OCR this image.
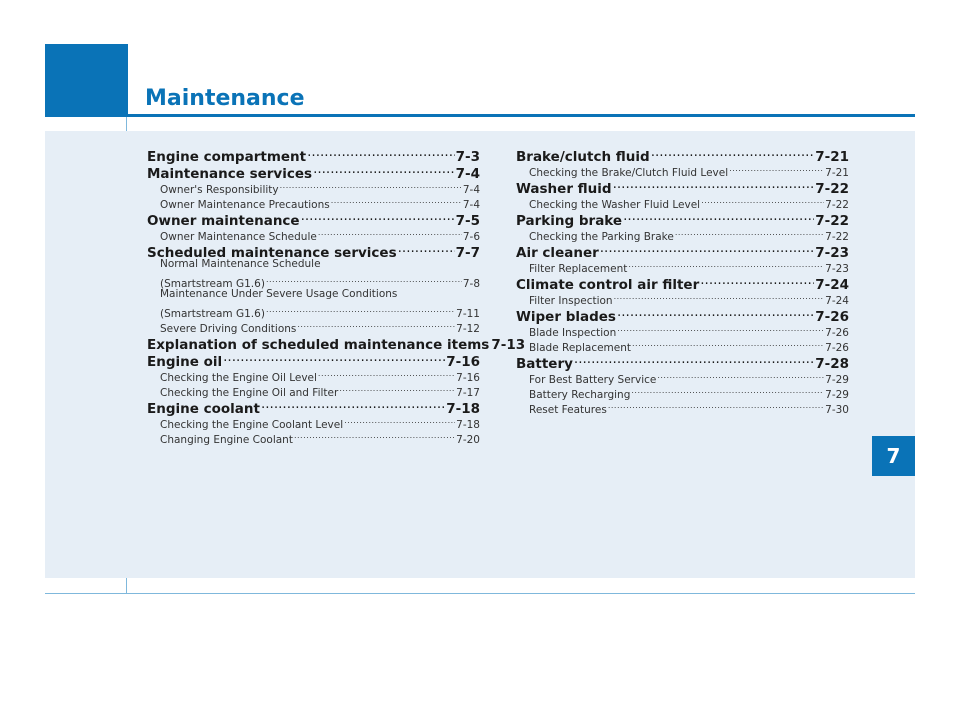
Maintenance
7
Engine compartment .....	7-3
Maintenance services .....	7-4
Owner's Responsibility .....	7-4
Owner Maintenance Precautions .....	7-4
Owner maintenance .....	7-5
Owner Maintenance Schedule .....	7-6
Scheduled maintenance services .....	7-7
Normal Maintenance Schedule
(Smartstream G1.6) .....	7-8
Maintenance Under Severe Usage Conditions
(Smartstream G1.6) .....	7-11
Severe Driving Conditions .....	7-12
Explanation of scheduled maintenance items 7-13
Engine oil .....	7-16
Checking the Engine Oil Level .....	7-16
Checking the Engine Oil and Filter .....	7-17
Engine coolant .....	7-18
Checking the Engine Coolant Level .....	7-18
Changing Engine Coolant .....	7-20
Brake/clutch fluid .....	7-21
Checking the Brake/Clutch Fluid Level .....	7-21
Washer fluid .....	7-22
Checking the Washer Fluid Level .....	7-22
Parking brake .....	7-22
Checking the Parking Brake .....	7-22
Air cleaner .....	7-23
Filter Replacement .....	7-23
Climate control air filter .....	7-24
Filter Inspection .....	7-24
Wiper blades .....	7-26
Blade Inspection .....	7-26
Blade Replacement .....	7-26
Battery .....	7-28
For Best Battery Service .....	7-29
Battery Recharging .....	7-29
Reset Features .....	7-30
